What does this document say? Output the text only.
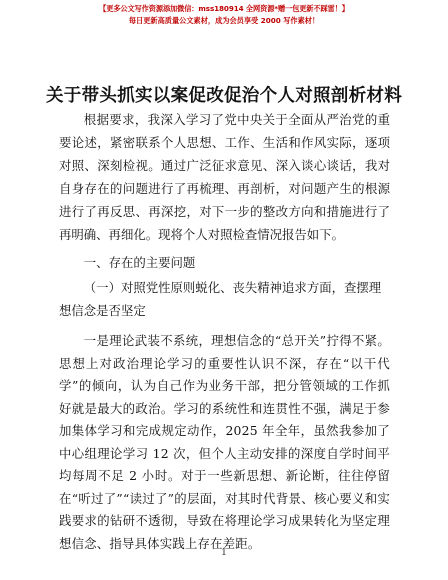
【更多公文写作资源添加微信：mss180914 全网资源*赠一包更新不踩雷！】
每日更新高质量公文素材，成为会员享受 2000 写作素材！
关于带头抓实以案促改促治个人对照剖析材料

根据要求，我深入学习了党中央关于全面从严治党的重要论述，紧密联系个人思想、工作、生活和作风实际，逐项对照、深刻检视。通过广泛征求意见、深入谈心谈话，我对自身存在的问题进行了再梳理、再剖析，对问题产生的根源进行了再反思、再深挖，对下一步的整改方向和措施进行了再明确、再细化。现将个人对照检查情况报告如下。

一、存在的主要问题

（一）对照党性原则蜕化、丧失精神追求方面，查摆理想信念是否坚定

一是理论武装不系统，理想信念的“总开关”拧得不紧。思想上对政治理论学习的重要性认识不深，存在“以干代学”的倾向，认为自己作为业务干部，把分管领域的工作抓好就是最大的政治。学习的系统性和连贯性不强，满足于参加集体学习和完成规定动作，2025 年全年，虽然我参加了中心组理论学习 12 次，但个人主动安排的深度自学时间平均每周不足 2 小时。对于一些新思想、新论断，往往停留在“听过了”“读过了”的层面，对其时代背景、核心要义和实践要求的钻研不透彻，导致在将理论学习成果转化为坚定理想信念、指导具体实践上存在差距。

1
